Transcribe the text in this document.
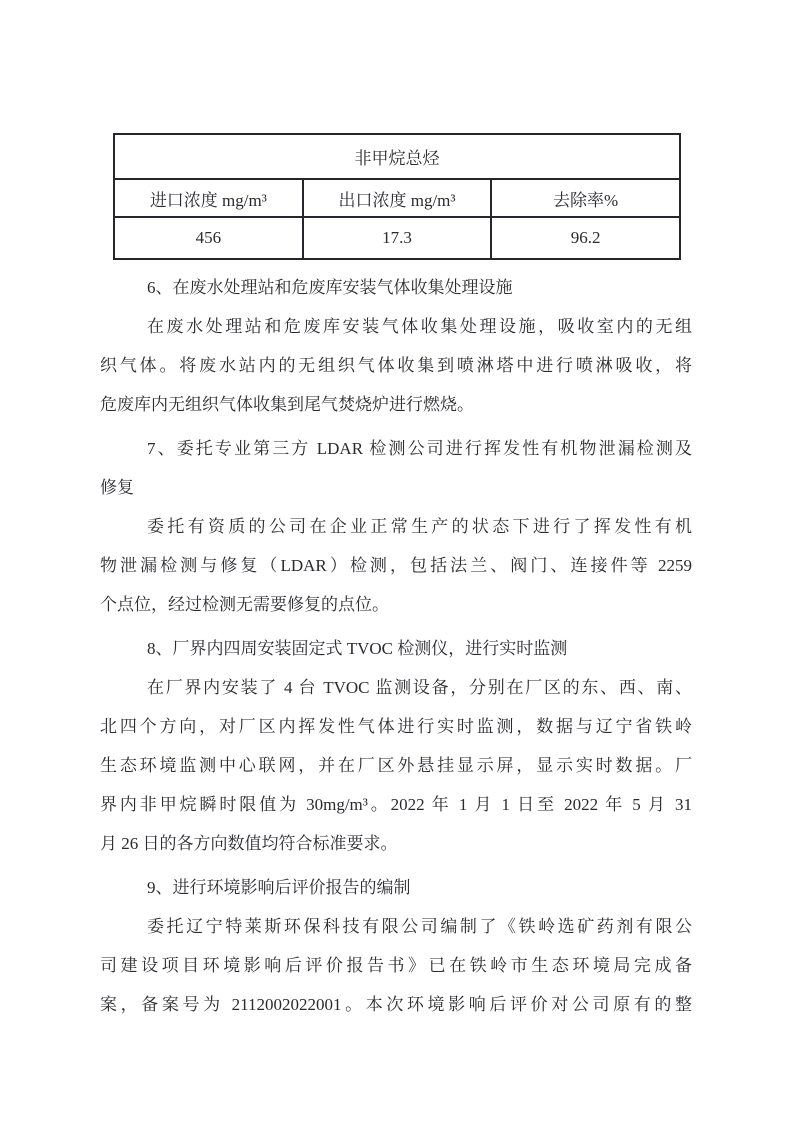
非甲烷总烃		
进口浓度 mg/m³	出口浓度 mg/m³	去除率%
456	17.3	96.2
6、在废水处理站和危废库安装气体收集处理设施
在废水处理站和危废库安装气体收集处理设施，吸收室内的无组
织气体。将废水站内的无组织气体收集到喷淋塔中进行喷淋吸收，将
危废库内无组织气体收集到尾气焚烧炉进行燃烧。
7、委托专业第三方 LDAR 检测公司进行挥发性有机物泄漏检测及
修复
委托有资质的公司在企业正常生产的状态下进行了挥发性有机
物泄漏检测与修复（LDAR）检测，包括法兰、阀门、连接件等 2259
个点位，经过检测无需要修复的点位。
8、厂界内四周安装固定式 TVOC 检测仪，进行实时监测
在厂界内安装了 4 台 TVOC 监测设备，分别在厂区的东、西、南、
北四个方向，对厂区内挥发性气体进行实时监测，数据与辽宁省铁岭
生态环境监测中心联网，并在厂区外悬挂显示屏，显示实时数据。厂
界内非甲烷瞬时限值为 30mg/m³。2022 年 1 月 1 日至 2022 年 5 月 31
月 26 日的各方向数值均符合标准要求。
9、进行环境影响后评价报告的编制
委托辽宁特莱斯环保科技有限公司编制了《铁岭选矿药剂有限公
司建设项目环境影响后评价报告书》已在铁岭市生态环境局完成备
案，备案号为 2112002022001。本次环境影响后评价对公司原有的整
